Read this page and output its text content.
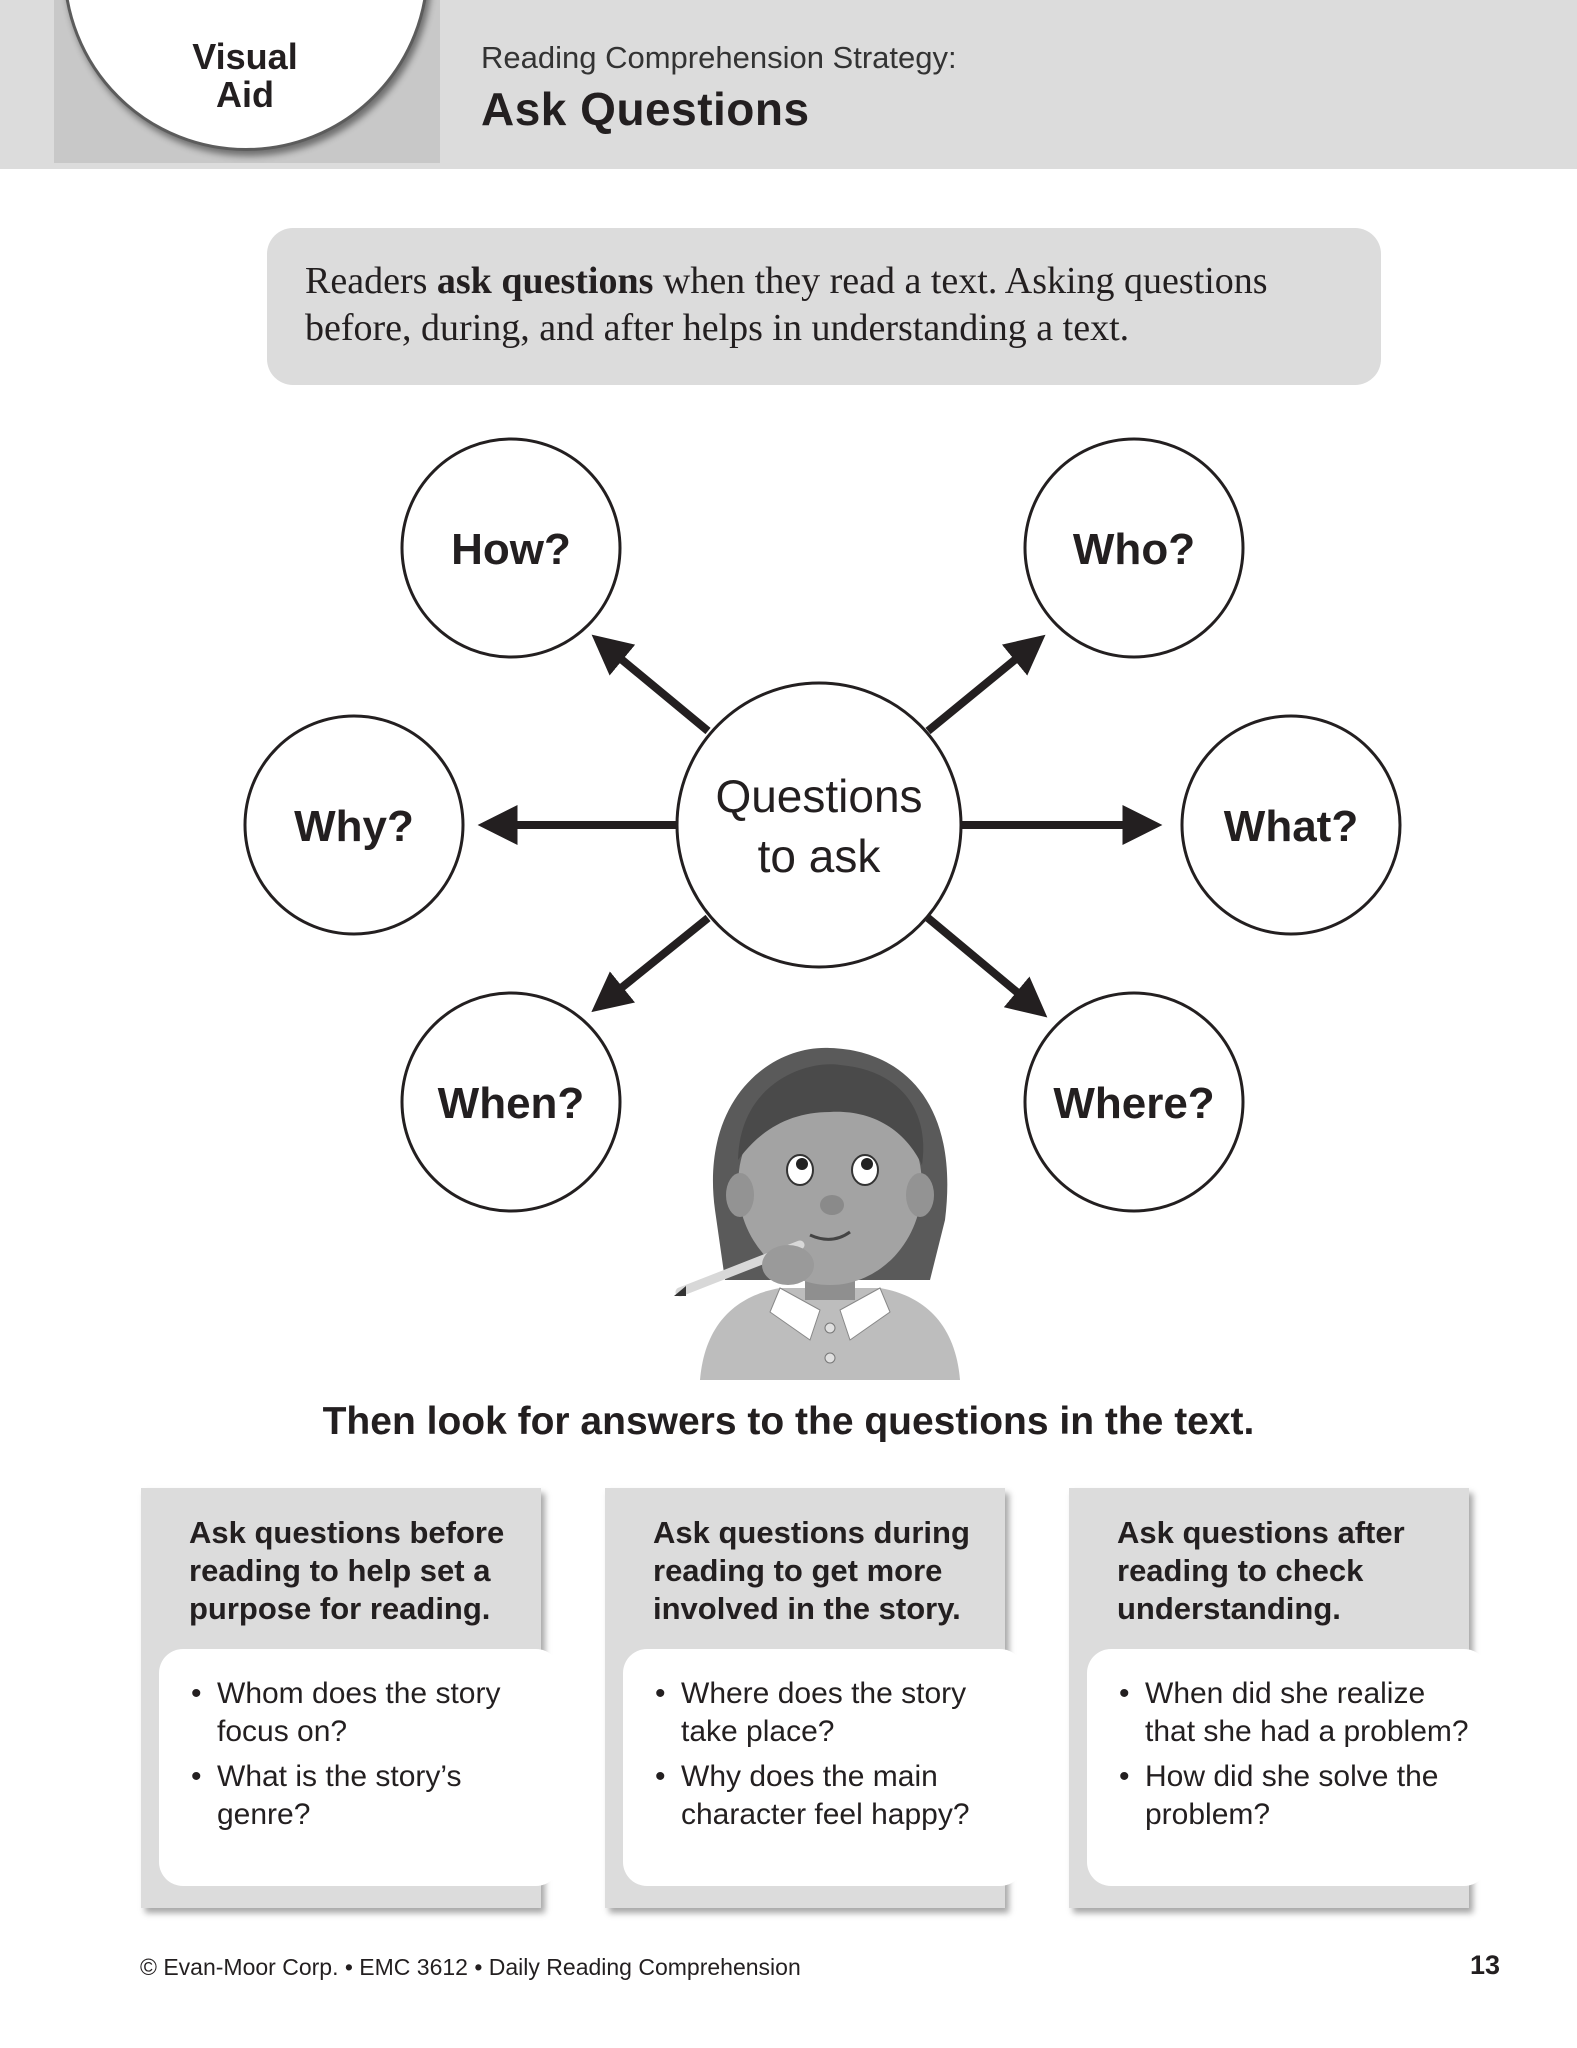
Visual
Aid
Reading Comprehension Strategy:
Ask Questions
Readers ask questions when they read a text. Asking questions before, during, and after helps in understanding a text.
Questions
to ask
How?	Who?
Why?	What?
When?	Where?
Then look for answers to the questions in the text.
Ask questions before reading to help set a purpose for reading.
• Whom does the story focus on?
• What is the story’s genre?
Ask questions during reading to get more involved in the story.
• Where does the story take place?
• Why does the main character feel happy?
Ask questions after reading to check understanding.
• When did she realize that she had a problem?
• How did she solve the problem?
© Evan-Moor Corp. • EMC 3612 • Daily Reading Comprehension	13
